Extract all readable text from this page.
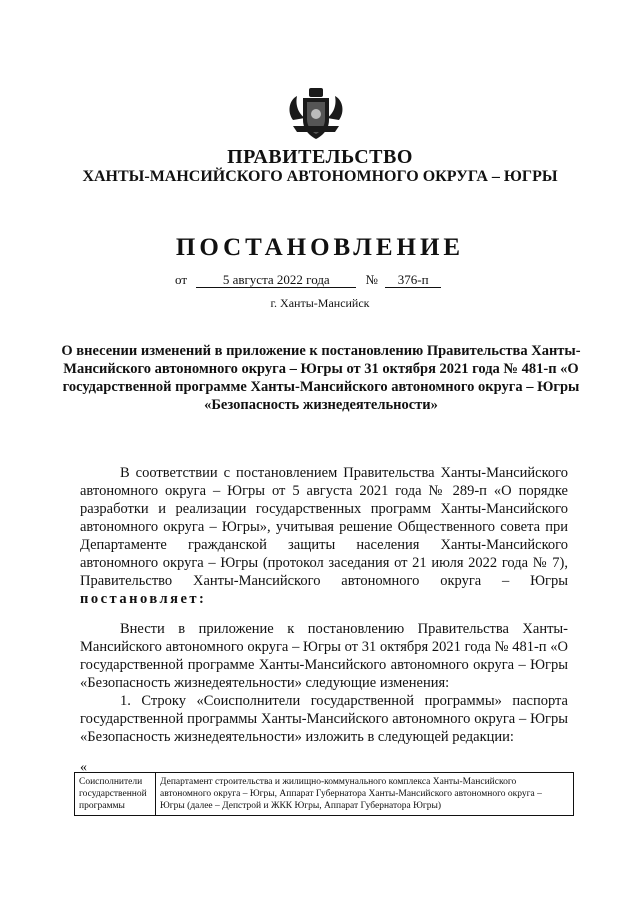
ПРАВИТЕЛЬСТВО
ХАНТЫ-МАНСИЙСКОГО АВТОНОМНОГО ОКРУГА – ЮГРЫ
ПОСТАНОВЛЕНИЕ
от	5 августа 2022 года	№ 376-п
г. Ханты-Мансийск
О внесении изменений в приложение к постановлению Правительства Ханты-Мансийского автономного округа – Югры от 31 октября 2021 года № 481-п «О государственной программе Ханты-Мансийского автономного округа – Югры «Безопасность жизнедеятельности»
В соответствии с постановлением Правительства Ханты-Мансийского автономного округа – Югры от 5 августа 2021 года № 289-п «О порядке разработки и реализации государственных программ Ханты-Мансийского автономного округа – Югры», учитывая решение Общественного совета при Департаменте гражданской защиты населения Ханты-Мансийского автономного округа – Югры (протокол заседания от 21 июля 2022 года № 7), Правительство Ханты-Мансийского автономного округа – Югры постановляет:
Внести в приложение к постановлению Правительства Ханты-Мансийского автономного округа – Югры от 31 октября 2021 года № 481-п «О государственной программе Ханты-Мансийского автономного округа – Югры «Безопасность жизнедеятельности» следующие изменения:
1. Строку «Соисполнители государственной программы» паспорта государственной программы Ханты-Мансийского автономного округа – Югры «Безопасность жизнедеятельности» изложить в следующей редакции:
«
Соисполнители государственной программы	Департамент строительства и жилищно-коммунального комплекса Ханты-Мансийского автономного округа – Югры, Аппарат Губернатора Ханты-Мансийского автономного округа – Югры (далее – Депстрой и ЖКК Югры, Аппарат Губернатора Югры)
